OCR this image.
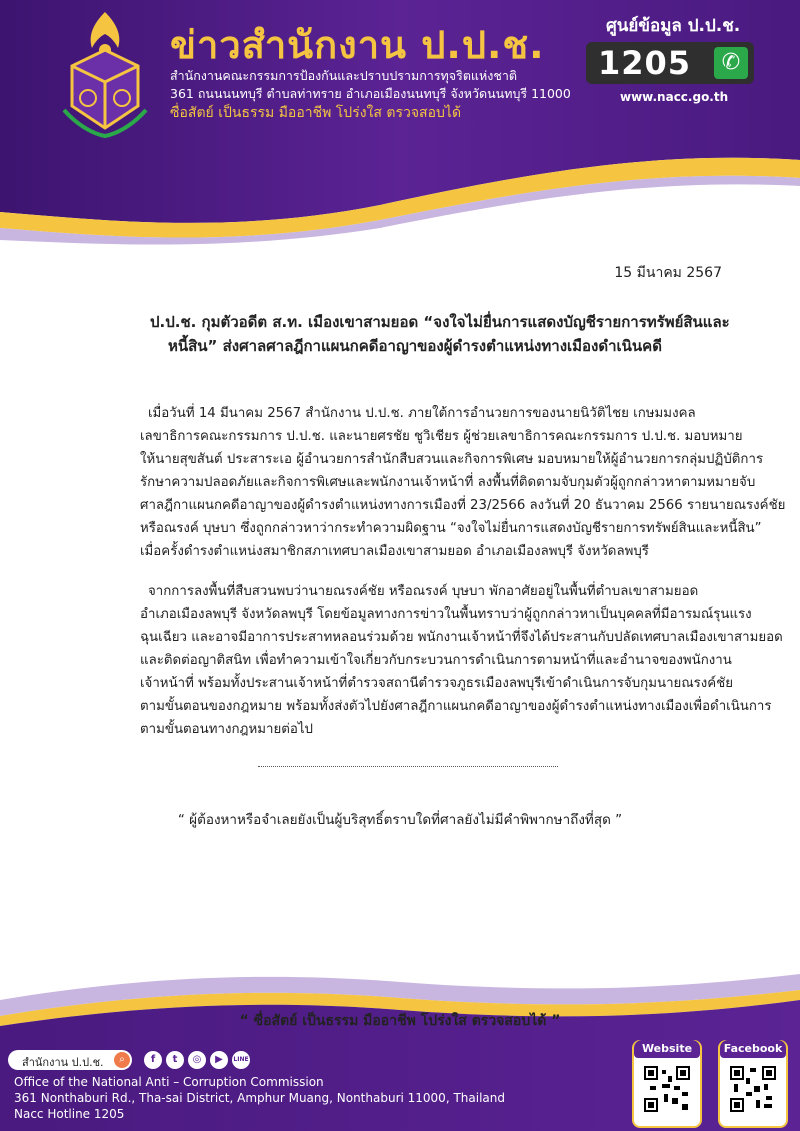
ข่าวสำนักงาน ป.ป.ช.
สำนักงานคณะกรรมการป้องกันและปราบปรามการทุจริตแห่งชาติ
361 ถนนนนทบุรี ตำบลท่าทราย อำเภอเมืองนนทบุรี จังหวัดนนทบุรี 11000
ซื่อสัตย์ เป็นธรรม มืออาชีพ โปร่งใส ตรวจสอบได้
ศูนย์ข้อมูล ป.ป.ช.
1205	✆
www.nacc.go.th
15 มีนาคม 2567
ป.ป.ช. กุมตัวอดีต ส.ท. เมืองเขาสามยอด “จงใจไม่ยื่นการแสดงบัญชีรายการทรัพย์สินและ
หนี้สิน” ส่งศาลศาลฎีกาแผนกคดีอาญาของผู้ดำรงตำแหน่งทางเมืองดำเนินคดี
เมื่อวันที่ 14 มีนาคม 2567 สำนักงาน ป.ป.ช. ภายใต้การอำนวยการของนายนิวัติไชย เกษมมงคล
เลขาธิการคณะกรรมการ ป.ป.ช. และนายศรชัย ชูวิเชียร ผู้ช่วยเลขาธิการคณะกรรมการ ป.ป.ช. มอบหมาย
ให้นายสุขสันต์ ประสาระเอ ผู้อำนวยการสำนักสืบสวนและกิจการพิเศษ มอบหมายให้ผู้อำนวยการกลุ่มปฏิบัติการ
รักษาความปลอดภัยและกิจการพิเศษและพนักงานเจ้าหน้าที่ ลงพื้นที่ติดตามจับกุมตัวผู้ถูกกล่าวหาตามหมายจับ
ศาลฎีกาแผนกคดีอาญาของผู้ดำรงตำแหน่งทางการเมืองที่ 23/2566 ลงวันที่ 20 ธันวาคม 2566 รายนายณรงค์ชัย
หรือณรงค์ บุษบา ซึ่งถูกกล่าวหาว่ากระทำความผิดฐาน “จงใจไม่ยื่นการแสดงบัญชีรายการทรัพย์สินและหนี้สิน”
เมื่อครั้งดำรงตำแหน่งสมาชิกสภาเทศบาลเมืองเขาสามยอด อำเภอเมืองลพบุรี จังหวัดลพบุรี
จากการลงพื้นที่สืบสวนพบว่านายณรงค์ชัย หรือณรงค์ บุษบา พักอาศัยอยู่ในพื้นที่ตำบลเขาสามยอด
อำเภอเมืองลพบุรี จังหวัดลพบุรี โดยข้อมูลทางการข่าวในพื้นทราบว่าผู้ถูกกล่าวหาเป็นบุคคลที่มีอารมณ์รุนแรง
ฉุนเฉียว และอาจมีอาการประสาทหลอนร่วมด้วย พนักงานเจ้าหน้าที่จึงได้ประสานกับปลัดเทศบาลเมืองเขาสามยอด
และติดต่อญาติสนิท เพื่อทำความเข้าใจเกี่ยวกับกระบวนการดำเนินการตามหน้าที่และอำนาจของพนักงาน
เจ้าหน้าที่ พร้อมทั้งประสานเจ้าหน้าที่ตำรวจสถานีตำรวจภูธรเมืองลพบุรีเข้าดำเนินการจับกุมนายณรงค์ชัย
ตามขั้นตอนของกฎหมาย พร้อมทั้งส่งตัวไปยังศาลฎีกาแผนกคดีอาญาของผู้ดำรงตำแหน่งทางเมืองเพื่อดำเนินการ
ตามขั้นตอนทางกฎหมายต่อไป
“ ผู้ต้องหาหรือจำเลยยังเป็นผู้บริสุทธิ์ตราบใดที่ศาลยังไม่มีคำพิพากษาถึงที่สุด ”
“ ซื่อสัตย์ เป็นธรรม มืออาชีพ โปร่งใส ตรวจสอบได้ ”
สำนักงาน ป.ป.ช.	⌕	f	t	◎	▶	LINE
Office of the National Anti – Corruption Commission
361 Nonthaburi Rd., Tha-sai District, Amphur Muang, Nonthaburi 11000, Thailand
Nacc Hotline 1205
Website	Facebook
